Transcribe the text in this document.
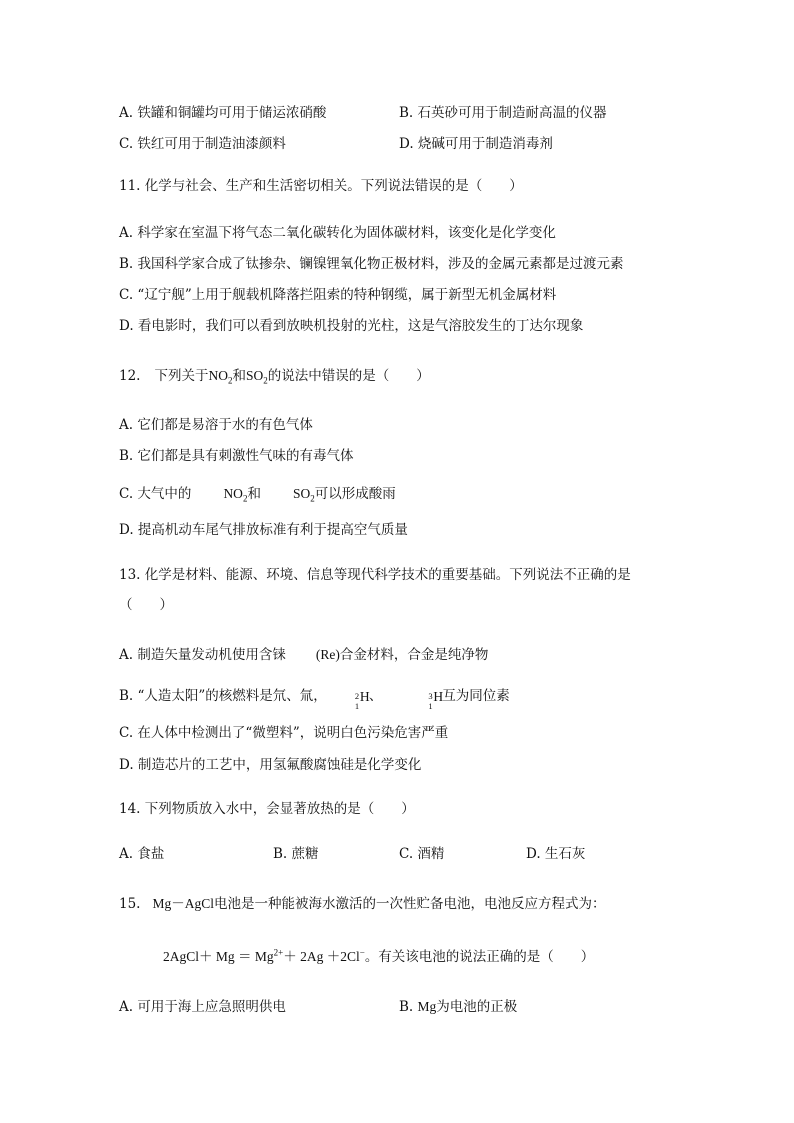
A. 铁罐和铜罐均可用于储运浓硝酸	B. 石英砂可用于制造耐高温的仪器
C. 铁红可用于制造油漆颜料	D. 烧碱可用于制造消毒剂
11. 化学与社会、生产和生活密切相关。下列说法错误的是（　　）
A. 科学家在室温下将气态二氧化碳转化为固体碳材料，该变化是化学变化
B. 我国科学家合成了钛掺杂、镧镍锂氧化物正极材料，涉及的金属元素都是过渡元素
C. “辽宁舰”上用于舰载机降落拦阻索的特种钢缆，属于新型无机金属材料
D. 看电影时，我们可以看到放映机投射的光柱，这是气溶胶发生的丁达尔现象
12. 下列关于$NO_2$和$SO_2$的说法中错误的是（　　）
A. 它们都是易溶于水的有色气体
B. 它们都是具有刺激性气味的有毒气体
C. 大气中的 $NO_2$和 $SO_2$可以形成酸雨
D. 提高机动车尾气排放标准有利于提高空气质量
13. 化学是材料、能源、环境、信息等现代科学技术的重要基础。下列说法不正确的是
（　　）
A. 制造矢量发动机使用含铼 (Re)合金材料，合金是纯净物
B. “人造太阳”的核燃料是氘、氚，	2
1
H 、	3
1
H 互为同位素
C. 在人体中检测出了“微塑料”，说明白色污染危害严重
D. 制造芯片的工艺中，用氢氟酸腐蚀硅是化学变化
14. 下列物质放入水中，会显著放热的是（　　）
A. 食盐	B. 蔗糖	C. 酒精	D. 生石灰
15. Mg－AgCl电池是一种能被海水激活的一次性贮备电池，电池反应方程式为：
2AgCl＋ $Mg = Mg^{2+}+ 2Ag +2Cl^-$。有关该电池的说法正确的是（　　）
A. 可用于海上应急照明供电	B. Mg为电池的正极
